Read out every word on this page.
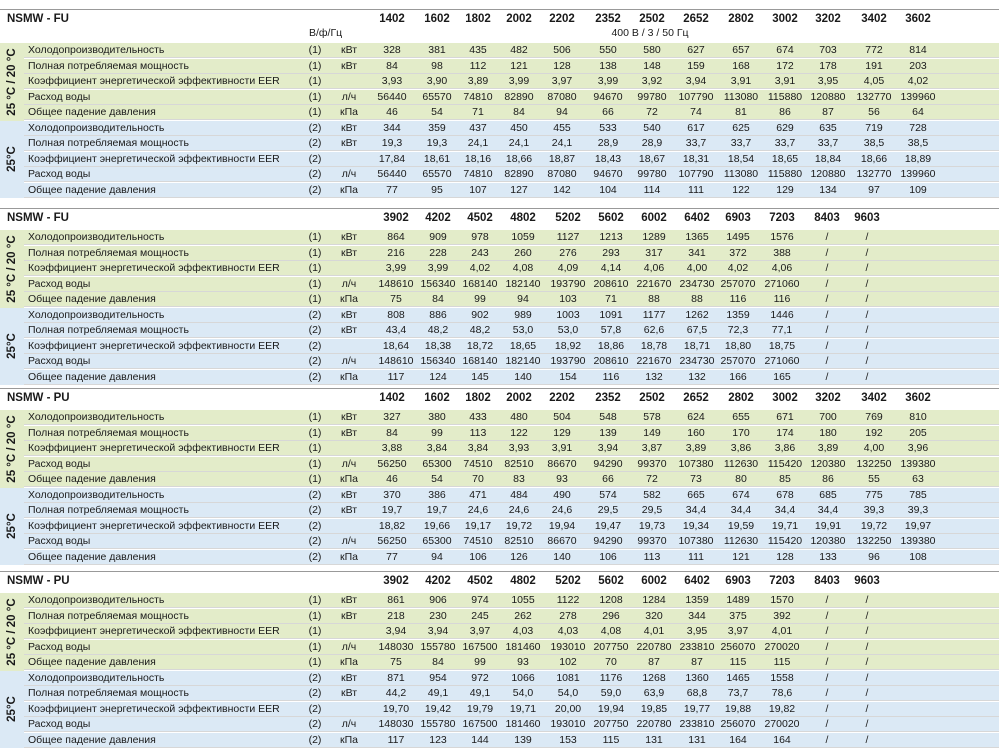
NSMW - FU	1402	1602	1802	2002	2202	2352	2502	2652	2802	3002	3202	3402	3602
В/ф/Гц	400 В / 3 / 50 Гц
25 °C / 20 °C
25°C
Холодопроизводительность	(1)	кВт	328	381	435	482	506	550	580	627	657	674	703	772	814
Полная потребляемая мощность	(1)	кВт	84	98	112	121	128	138	148	159	168	172	178	191	203
Коэффициент энергетической эффективности EER	(1)	3,93	3,90	3,89	3,99	3,97	3,99	3,92	3,94	3,91	3,91	3,95	4,05	4,02
Расход воды	(1)	л/ч	56440	65570	74810	82890	87080	94670	99780	107790 113080 115880 120880	132770 139960
Общее падение давления	(1)	кПа	46	54	71	84	94	66	72	74	81	86	87	56	64
Холодопроизводительность	(2)	кВт	344	359	437	450	455	533	540	617	625	629	635	719	728
Полная потребляемая мощность	(2)	кВт	19,3	19,3	24,1	24,1	24,1	28,9	28,9	33,7	33,7	33,7	33,7	38,5	38,5
Коэффициент энергетической эффективности EER	(2)	17,84	18,61	18,16	18,66	18,87	18,43	18,67	18,31	18,54	18,65	18,84	18,66	18,89
Расход воды	(2)	л/ч	56440	65570	74810	82890	87080	94670	99780	107790 113080 115880 120880	132770 139960
Общее падение давления	(2)	кПа	77	95	107	127	142	104	114	111	122	129	134	97	109
NSMW - FU	3902	4202	4502	4802	5202	5602	6002	6402	6903	7203	8403	9603
25 °C / 20 °C
25°C
Холодопроизводительность	(1)	кВт	864	909	978	1059	1127	1213	1289	1365	1495	1576	/	/
Полная потребляемая мощность	(1)	кВт	216	228	243	260	276	293	317	341	372	388	/	/
Коэффициент энергетической эффективности EER	(1)	3,99	3,99	4,02	4,08	4,09	4,14	4,06	4,00	4,02	4,06	/	/
Расход воды	(1)	л/ч	148610 156340 168140 182140 193790 208610 221670 234730 257070 271060	/	/
Общее падение давления	(1)	кПа	75	84	99	94	103	71	88	88	116	116	/	/
Холодопроизводительность	(2)	кВт	808	886	902	989	1003	1091	1177	1262	1359	1446	/	/
Полная потребляемая мощность	(2)	кВт	43,4	48,2	48,2	53,0	53,0	57,8	62,6	67,5	72,3	77,1	/	/
Коэффициент энергетической эффективности EER	(2)	18,64	18,38	18,72	18,65	18,92	18,86	18,78	18,71	18,80	18,75	/	/
Расход воды	(2)	л/ч	148610 156340 168140 182140 193790 208610 221670 234730 257070 271060	/	/
Общее падение давления	(2)	кПа	117	124	145	140	154	116	132	132	166	165	/	/
NSMW - PU	1402	1602	1802	2002	2202	2352	2502	2652	2802	3002	3202	3402	3602
25 °C / 20 °C
25°C
Холодопроизводительность	(1)	кВт	327	380	433	480	504	548	578	624	655	671	700	769	810
Полная потребляемая мощность	(1)	кВт	84	99	113	122	129	139	149	160	170	174	180	192	205
Коэффициент энергетической эффективности EER	(1)	3,88	3,84	3,84	3,93	3,91	3,94	3,87	3,89	3,86	3,86	3,89	4,00	3,96
Расход воды	(1)	л/ч	56250	65300	74510	82510	86670	94290	99370	107380 112630 115420 120380	132250 139380
Общее падение давления	(1)	кПа	46	54	70	83	93	66	72	73	80	85	86	55	63
Холодопроизводительность	(2)	кВт	370	386	471	484	490	574	582	665	674	678	685	775	785
Полная потребляемая мощность	(2)	кВт	19,7	19,7	24,6	24,6	24,6	29,5	29,5	34,4	34,4	34,4	34,4	39,3	39,3
Коэффициент энергетической эффективности EER	(2)	18,82	19,66	19,17	19,72	19,94	19,47	19,73	19,34	19,59	19,71	19,91	19,72	19,97
Расход воды	(2)	л/ч	56250	65300	74510	82510	86670	94290	99370	107380 112630 115420 120380	132250 139380
Общее падение давления	(2)	кПа	77	94	106	126	140	106	113	111	121	128	133	96	108
NSMW - PU	3902	4202	4502	4802	5202	5602	6002	6402	6903	7203	8403	9603
25 °C / 20 °C
25°C
Холодопроизводительность	(1)	кВт	861	906	974	1055	1122	1208	1284	1359	1489	1570	/	/
Полная потребляемая мощность	(1)	кВт	218	230	245	262	278	296	320	344	375	392	/	/
Коэффициент энергетической эффективности EER	(1)	3,94	3,94	3,97	4,03	4,03	4,08	4,01	3,95	3,97	4,01	/	/
Расход воды	(1)	л/ч	148030 155780 167500 181460 193010 207750 220780 233810 256070 270020	/	/
Общее падение давления	(1)	кПа	75	84	99	93	102	70	87	87	115	115	/	/
Холодопроизводительность	(2)	кВт	871	954	972	1066	1081	1176	1268	1360	1465	1558	/	/
Полная потребляемая мощность	(2)	кВт	44,2	49,1	49,1	54,0	54,0	59,0	63,9	68,8	73,7	78,6	/	/
Коэффициент энергетической эффективности EER	(2)	19,70	19,42	19,79	19,71	20,00	19,94	19,85	19,77	19,88	19,82	/	/
Расход воды	(2)	л/ч	148030 155780 167500 181460 193010 207750 220780 233810 256070 270020	/	/
Общее падение давления	(2)	кПа	117	123	144	139	153	115	131	131	164	164	/	/
